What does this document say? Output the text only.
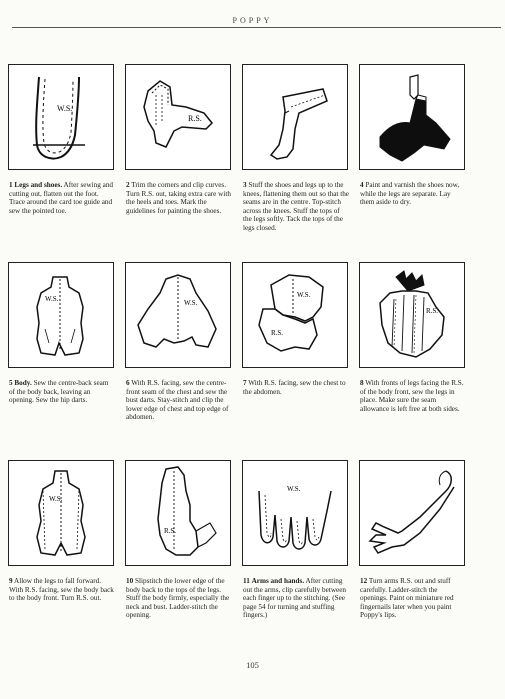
POPPY
W.S.
1 Legs and shoes. After sewing and cutting out, flatten out the foot. Trace around the card toe guide and sew the pointed toe.
R.S.
2 Trim the corners and clip curves. Turn R.S. out, taking extra care with the heels and toes. Mark the guidelines for painting the shoes.
3 Stuff the shoes and legs up to the knees, flattening them out so that the seams are in the centre. Top-stitch across the knees. Stuff the tops of the legs softly. Tack the tops of the legs closed.
4 Paint and varnish the shoes now, while the legs are separate. Lay them aside to dry.
W.S.
5 Body. Sew the centre-back seam of the body back, leaving an opening. Sew the hip darts.
W.S.
6 With R.S. facing, sew the centre-front seam of the chest and sew the bust darts. Stay-stitch and clip the lower edge of chest and top edge of abdomen.
W.S.
R.S.
7 With R.S. facing, sew the chest to the abdomen.
R.S.
8 With fronts of legs facing the R.S. of the body front, sew the legs in place. Make sure the seam allowance is left free at both sides.
W.S.
9 Allow the legs to fall forward. With R.S. facing, sew the body back to the body front. Turn R.S. out.
R.S.
10 Slipstitch the lower edge of the body back to the tops of the legs. Stuff the body firmly, especially the neck and bust. Ladder-stitch the opening.
W.S.
11 Arms and hands. After cutting out the arms, clip carefully between each finger up to the stitching. (See page 54 for turning and stuffing fingers.)
12 Turn arms R.S. out and stuff carefully. Ladder-stitch the openings. Paint on miniature red fingernails later when you paint Poppy's lips.
105
